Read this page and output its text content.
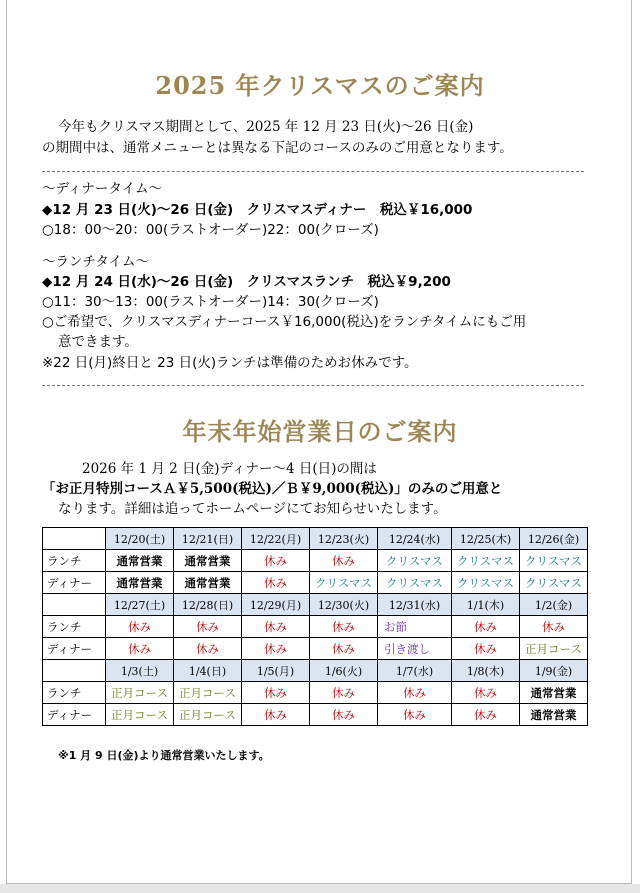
2025 年クリスマスのご案内
今年もクリスマス期間として、2025 年 12 月 23 日(火)～26 日(金)
の期間中は、通常メニューとは異なる下記のコースのみのご用意となります。
～ディナータイム～
◆12 月 23 日(火)～26 日(金)　クリスマスディナー　税込￥16,000
○18：00～20：00(ラストオーダー)22：00(クローズ)
～ランチタイム～
◆12 月 24 日(水)～26 日(金)　クリスマスランチ　税込￥9,200
○11：30～13：00(ラストオーダー)14：30(クローズ)
○ご希望で、クリスマスディナーコース￥16,000(税込)をランチタイムにもご用
意できます。
※22 日(月)終日と 23 日(火)ランチは準備のためお休みです。
年末年始営業日のご案内
2026 年 1 月 2 日(金)ディナー～4 日(日)の間は
「お正月特別コースＡ￥5,500(税込)／Ｂ￥9,000(税込)」のみのご用意と
なります。詳細は追ってホームページにてお知らせいたします。
	12/20(土)	12/21(日)	12/22(月)	12/23(火)	12/24(水)	12/25(木)	12/26(金)
ランチ	通常営業	通常営業	休み	休み	クリスマス	クリスマス	クリスマス
ディナー	通常営業	通常営業	休み	クリスマス	クリスマス	クリスマス	クリスマス
	12/27(土)	12/28(日)	12/29(月)	12/30(火)	12/31(水)	1/1(木)	1/2(金)
ランチ	休み	休み	休み	休み	お節	休み	休み
ディナー	休み	休み	休み	休み	引き渡し	休み	正月コース
	1/3(土)	1/4(日)	1/5(月)	1/6(火)	1/7(水)	1/8(木)	1/9(金)
ランチ	正月コース	正月コース	休み	休み	休み	休み	通常営業
ディナー	正月コース	正月コース	休み	休み	休み	休み	通常営業
※1 月 9 日(金)より通常営業いたします。
